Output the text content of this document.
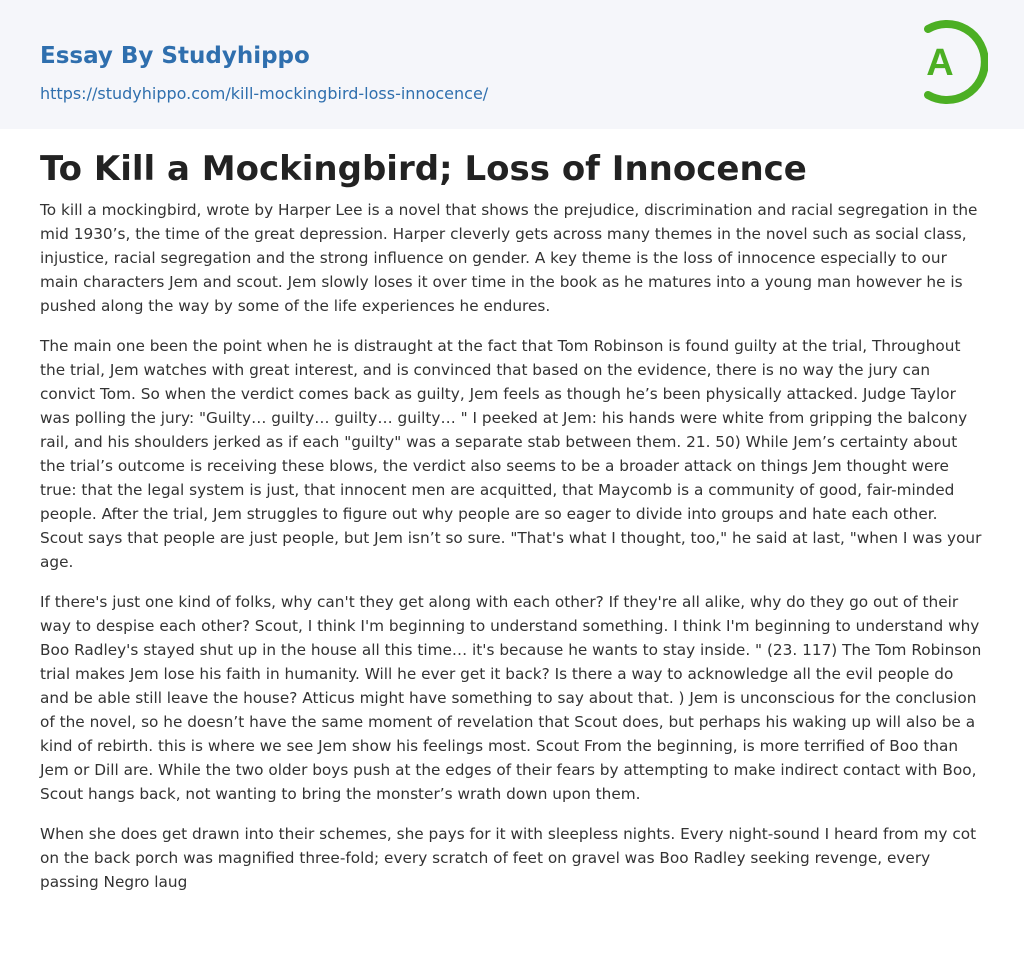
Essay By Studyhippo
https://studyhippo.com/kill-mockingbird-loss-innocence/
A
To Kill a Mockingbird; Loss of Innocence

To kill a mockingbird, wrote by Harper Lee is a novel that shows the prejudice, discrimination and racial segregation in the mid 1930’s, the time of the great depression. Harper cleverly gets across many themes in the novel such as social class, injustice, racial segregation and the strong influence on gender. A key theme is the loss of innocence especially to our main characters Jem and scout. Jem slowly loses it over time in the book as he matures into a young man however he is pushed along the way by some of the life experiences he endures.

The main one been the point when he is distraught at the fact that Tom Robinson is found guilty at the trial, Throughout the trial, Jem watches with great interest, and is convinced that based on the evidence, there is no way the jury can convict Tom. So when the verdict comes back as guilty, Jem feels as though he’s been physically attacked. Judge Taylor was polling the jury: "Guilty… guilty… guilty… guilty… " I peeked at Jem: his hands were white from gripping the balcony rail, and his shoulders jerked as if each "guilty" was a separate stab between them. 21. 50) While Jem’s certainty about the trial’s outcome is receiving these blows, the verdict also seems to be a broader attack on things Jem thought were true: that the legal system is just, that innocent men are acquitted, that Maycomb is a community of good, fair-minded people. After the trial, Jem struggles to figure out why people are so eager to divide into groups and hate each other. Scout says that people are just people, but Jem isn’t so sure. "That's what I thought, too," he said at last, "when I was your age.

If there's just one kind of folks, why can't they get along with each other? If they're all alike, why do they go out of their way to despise each other? Scout, I think I'm beginning to understand something. I think I'm beginning to understand why Boo Radley's stayed shut up in the house all this time… it's because he wants to stay inside. " (23. 117) The Tom Robinson trial makes Jem lose his faith in humanity. Will he ever get it back? Is there a way to acknowledge all the evil people do and be able still leave the house? Atticus might have something to say about that. ) Jem is unconscious for the conclusion of the novel, so he doesn’t have the same moment of revelation that Scout does, but perhaps his waking up will also be a kind of rebirth. this is where we see Jem show his feelings most. Scout From the beginning, is more terrified of Boo than Jem or Dill are. While the two older boys push at the edges of their fears by attempting to make indirect contact with Boo, Scout hangs back, not wanting to bring the monster’s wrath down upon them.

When she does get drawn into their schemes, she pays for it with sleepless nights. Every night-sound I heard from my cot on the back porch was magnified three-fold; every scratch of feet on gravel was Boo Radley seeking revenge, every passing Negro laug
